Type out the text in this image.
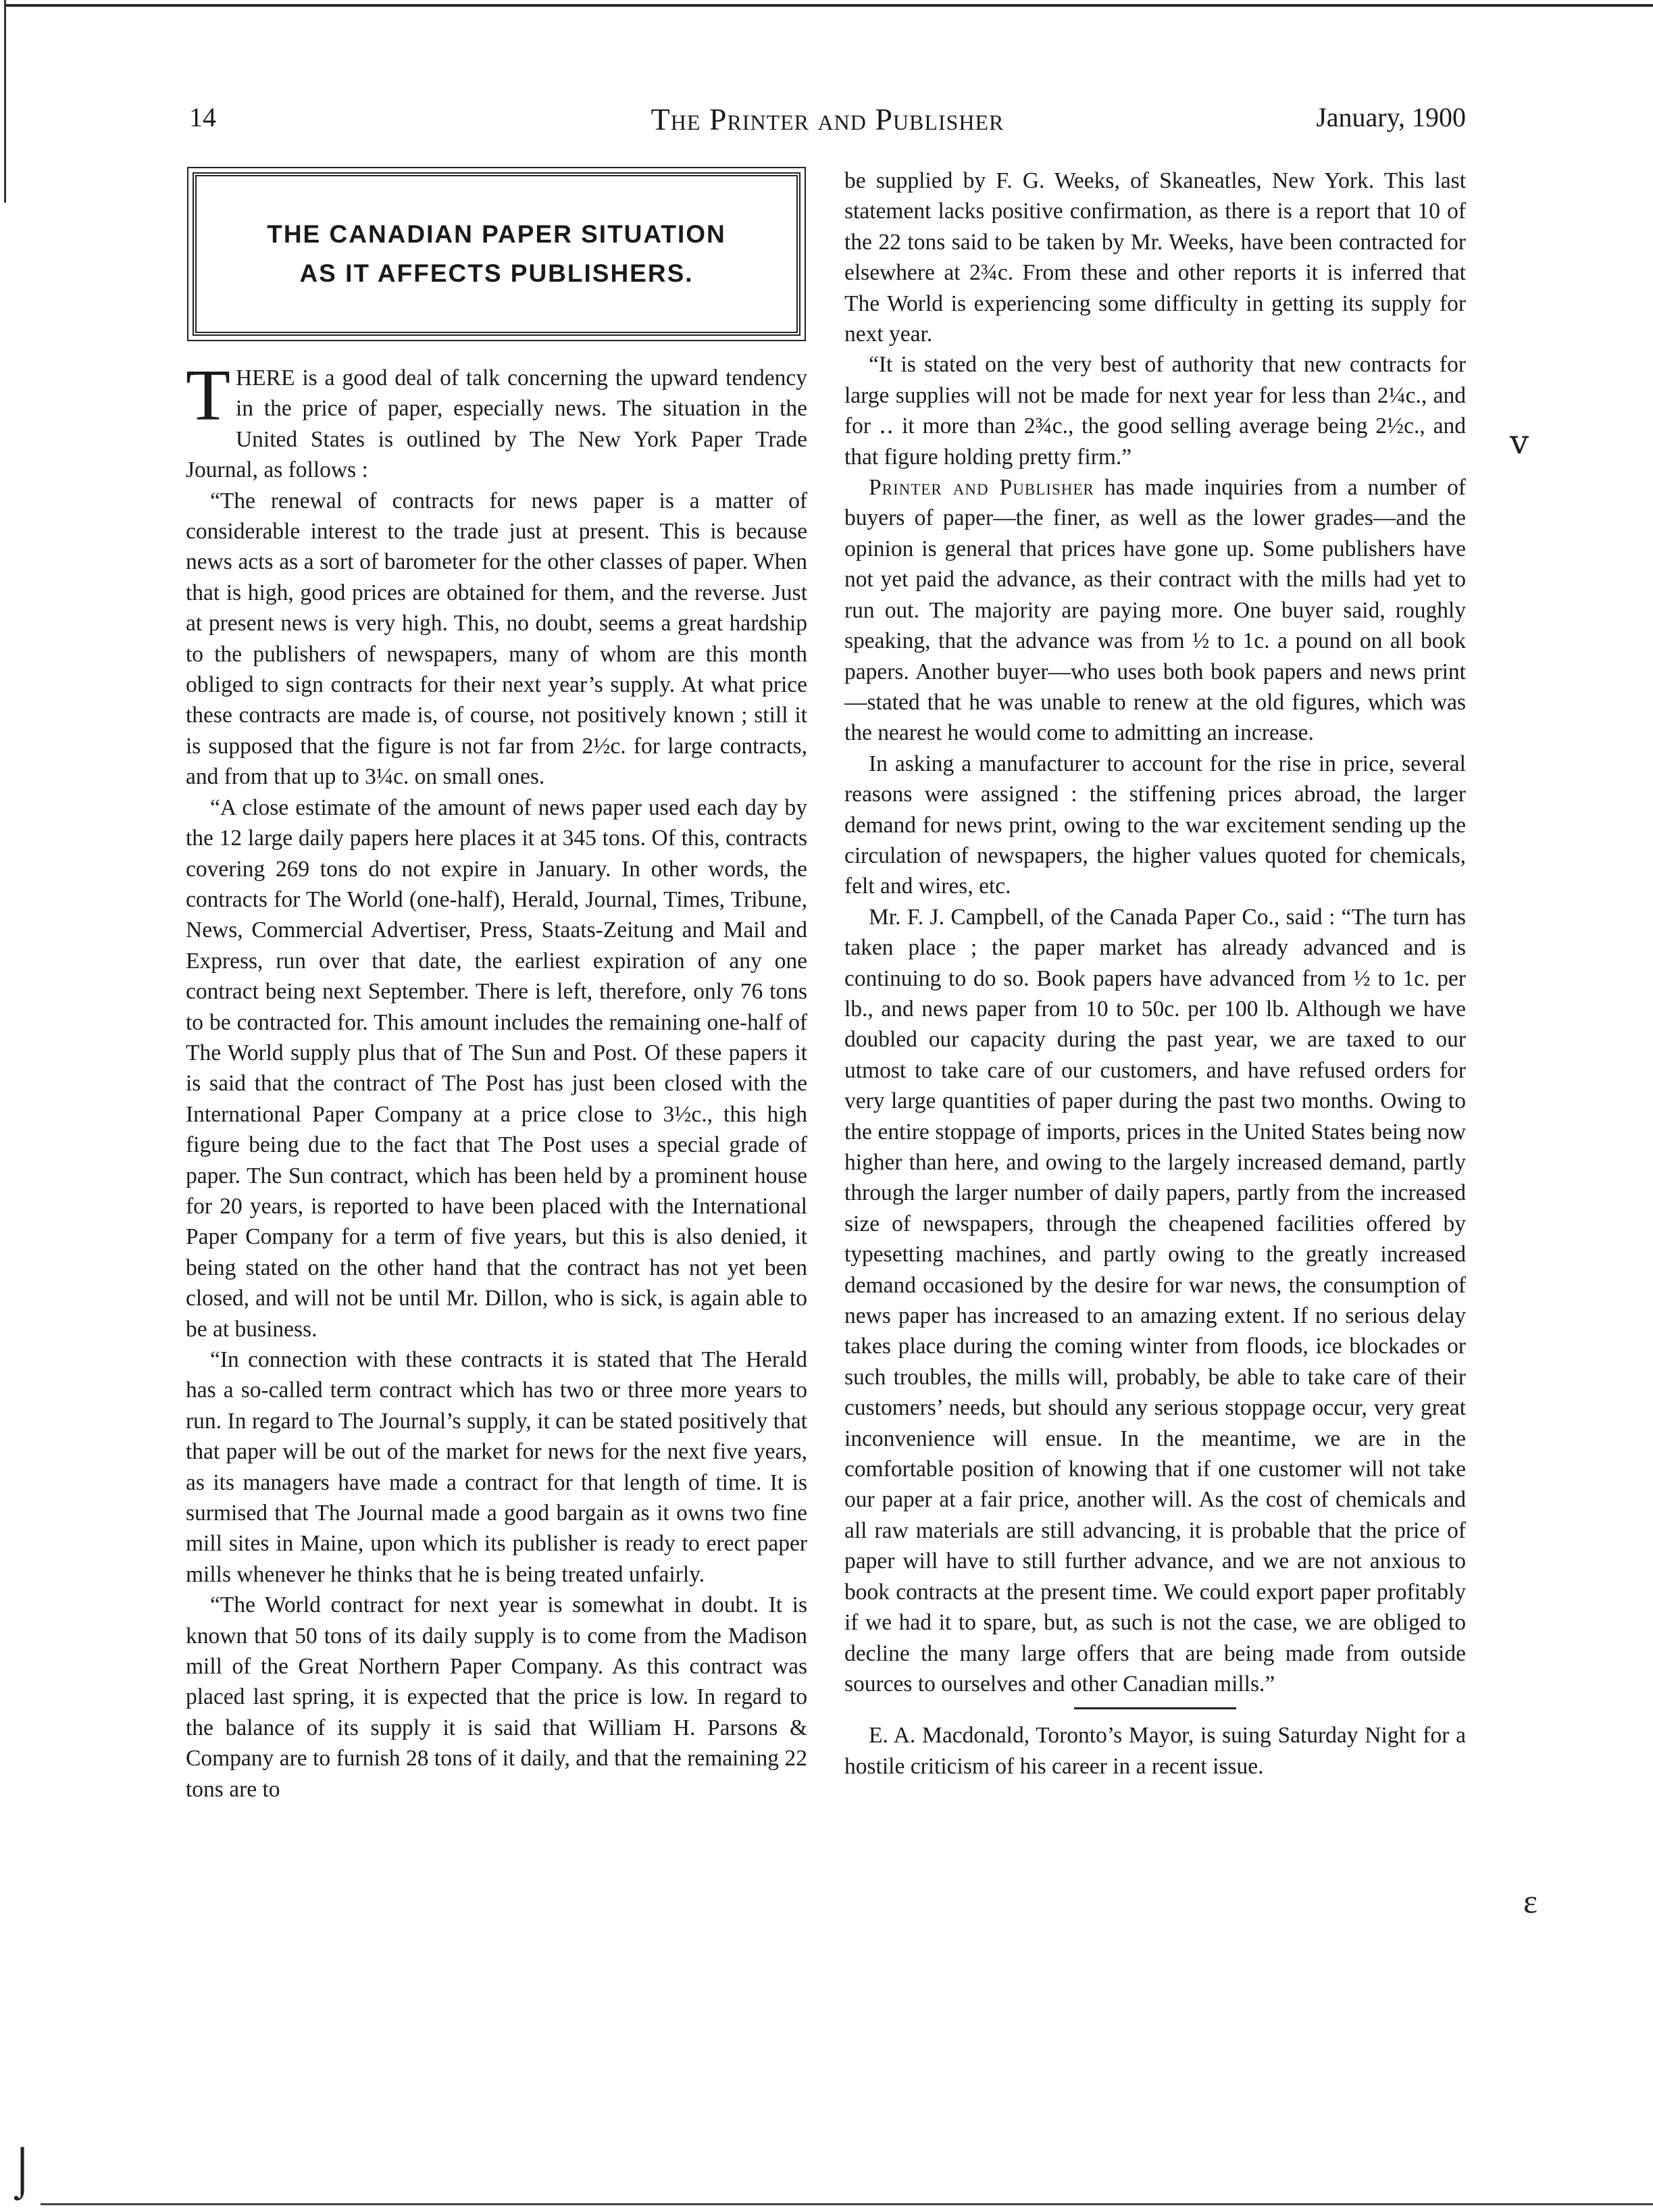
⌡
ⅴ
ɛ
14	The Printer and Publisher	January, 1900
THE CANADIAN PAPER SITUATION
AS IT AFFECTS PUBLISHERS.

THERE is a good deal of talk concerning the upward tendency in the price of paper, especially news. The situation in the United States is outlined by The New York Paper Trade Journal, as follows :

“The renewal of contracts for news paper is a matter of considerable interest to the trade just at present. This is because news acts as a sort of barometer for the other classes of paper. When that is high, good prices are obtained for them, and the reverse. Just at present news is very high. This, no doubt, seems a great hardship to the publishers of newspapers, many of whom are this month obliged to sign contracts for their next year’s supply. At what price these contracts are made is, of course, not positively known ; still it is supposed that the figure is not far from 2½c. for large contracts, and from that up to 3¼c. on small ones.

“A close estimate of the amount of news paper used each day by the 12 large daily papers here places it at 345 tons. Of this, contracts covering 269 tons do not expire in January. In other words, the contracts for The World (one-half), Herald, Journal, Times, Tribune, News, Commercial Advertiser, Press, Staats-Zeitung and Mail and Express, run over that date, the earliest expiration of any one contract being next September. There is left, therefore, only 76 tons to be contracted for. This amount includes the remaining one-half of The World supply plus that of The Sun and Post. Of these papers it is said that the contract of The Post has just been closed with the International Paper Company at a price close to 3½c., this high figure being due to the fact that The Post uses a special grade of paper. The Sun contract, which has been held by a prominent house for 20 years, is reported to have been placed with the International Paper Company for a term of five years, but this is also denied, it being stated on the other hand that the contract has not yet been closed, and will not be until Mr. Dillon, who is sick, is again able to be at business.

“In connection with these contracts it is stated that The Herald has a so-called term contract which has two or three more years to run. In regard to The Journal’s supply, it can be stated positively that that paper will be out of the market for news for the next five years, as its managers have made a contract for that length of time. It is surmised that The Journal made a good bargain as it owns two fine mill sites in Maine, upon which its publisher is ready to erect paper mills whenever he thinks that he is being treated unfairly.

“The World contract for next year is somewhat in doubt. It is known that 50 tons of its daily supply is to come from the Madison mill of the Great Northern Paper Company. As this contract was placed last spring, it is expected that the price is low. In regard to the balance of its supply it is said that William H. Parsons & Company are to furnish 28 tons of it daily, and that the remaining 22 tons are to

be supplied by F. G. Weeks, of Skaneatles, New York. This last statement lacks positive confirmation, as there is a report that 10 of the 22 tons said to be taken by Mr. Weeks, have been contracted for elsewhere at 2¾c. From these and other reports it is inferred that The World is experiencing some difficulty in getting its supply for next year.

“It is stated on the very best of authority that new contracts for large supplies will not be made for next year for less than 2¼c., and for ‥ it more than 2¾c., the good selling average being 2½c., and that figure holding pretty firm.”

Printer and Publisher has made inquiries from a number of buyers of paper—the finer, as well as the lower grades—and the opinion is general that prices have gone up. Some publishers have not yet paid the advance, as their contract with the mills had yet to run out. The majority are paying more. One buyer said, roughly speaking, that the advance was from ½ to 1c. a pound on all book papers. Another buyer—who uses both book papers and news print—stated that he was unable to renew at the old figures, which was the nearest he would come to admitting an increase.

In asking a manufacturer to account for the rise in price, several reasons were assigned : the stiffening prices abroad, the larger demand for news print, owing to the war excitement sending up the circulation of newspapers, the higher values quoted for chemicals, felt and wires, etc.

Mr. F. J. Campbell, of the Canada Paper Co., said : “The turn has taken place ; the paper market has already advanced and is continuing to do so. Book papers have advanced from ½ to 1c. per lb., and news paper from 10 to 50c. per 100 lb. Although we have doubled our capacity during the past year, we are taxed to our utmost to take care of our customers, and have refused orders for very large quantities of paper during the past two months. Owing to the entire stoppage of imports, prices in the United States being now higher than here, and owing to the largely increased demand, partly through the larger number of daily papers, partly from the increased size of newspapers, through the cheapened facilities offered by typesetting machines, and partly owing to the greatly increased demand occasioned by the desire for war news, the consumption of news paper has increased to an amazing extent. If no serious delay takes place during the coming winter from floods, ice blockades or such troubles, the mills will, probably, be able to take care of their customers’ needs, but should any serious stoppage occur, very great inconvenience will ensue. In the meantime, we are in the comfortable position of knowing that if one customer will not take our paper at a fair price, another will. As the cost of chemicals and all raw materials are still advancing, it is probable that the price of paper will have to still further advance, and we are not anxious to book contracts at the present time. We could export paper profitably if we had it to spare, but, as such is not the case, we are obliged to decline the many large offers that are being made from outside sources to ourselves and other Canadian mills.”

E. A. Macdonald, Toronto’s Mayor, is suing Saturday Night for a hostile criticism of his career in a recent issue.
